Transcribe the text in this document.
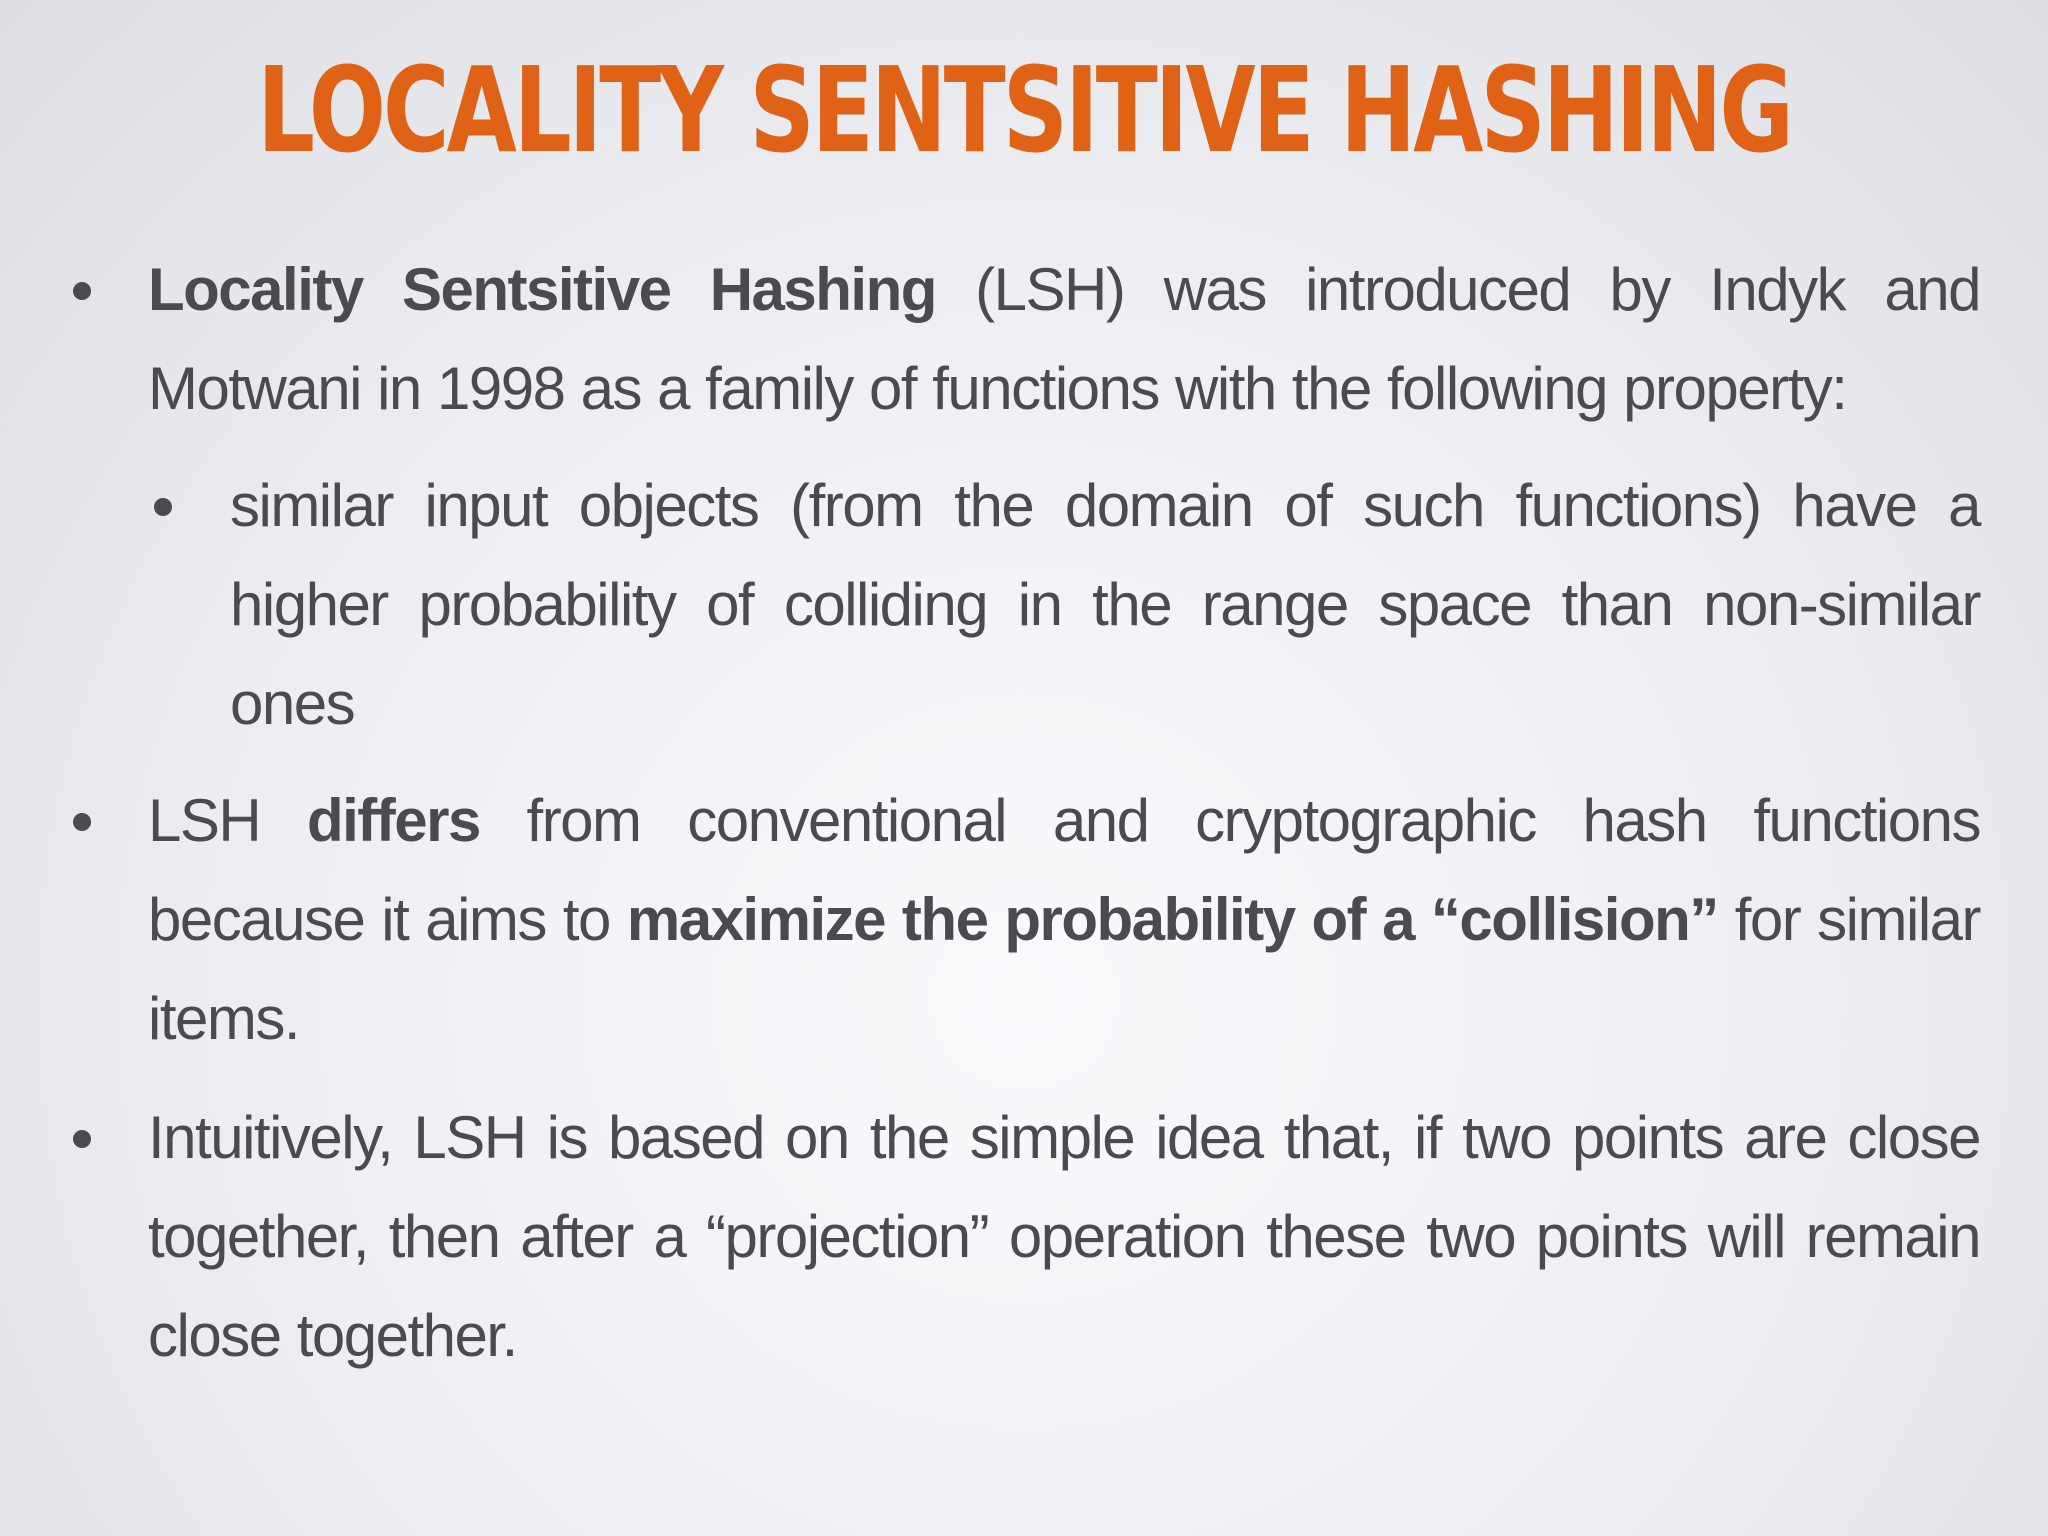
LOCALITY SENTSITIVE HASHING
Locality Sentsitive Hashing (LSH) was introduced by Indyk and Motwani in 1998 as a family of functions with the following property:
similar input objects (from the domain of such functions) have a higher probability of colliding in the range space than non-similar ones
LSH differs from conventional and cryptographic hash functions because it aims to maximize the probability of a “collision” for similar items.
Intuitively, LSH is based on the simple idea that, if two points are close together, then after a “projection” operation these two points will remain close together.
